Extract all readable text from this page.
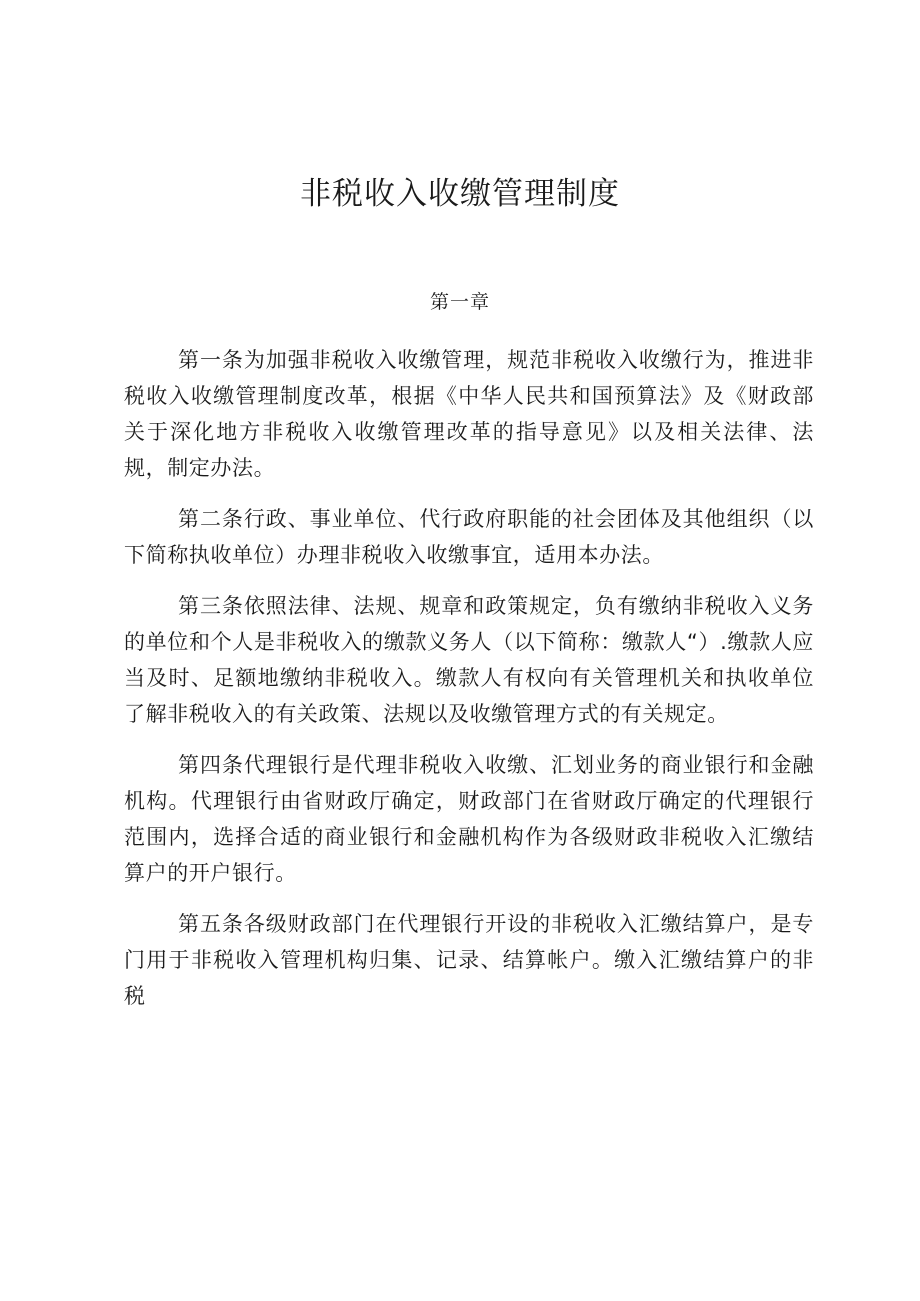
非税收入收缴管理制度
第一章

第一条为加强非税收入收缴管理，规范非税收入收缴行为，推进非税收入收缴管理制度改革，根据《中华人民共和国预算法》及《财政部关于深化地方非税收入收缴管理改革的指导意见》以及相关法律、法规，制定办法。

第二条行政、事业单位、代行政府职能的社会团体及其他组织（以下简称执收单位）办理非税收入收缴事宜，适用本办法。

第三条依照法律、法规、规章和政策规定，负有缴纳非税收入义务的单位和个人是非税收入的缴款义务人（以下简称：缴款人“）.缴款人应当及时、足额地缴纳非税收入。缴款人有权向有关管理机关和执收单位了解非税收入的有关政策、法规以及收缴管理方式的有关规定。

第四条代理银行是代理非税收入收缴、汇划业务的商业银行和金融机构。代理银行由省财政厅确定，财政部门在省财政厅确定的代理银行范围内，选择合适的商业银行和金融机构作为各级财政非税收入汇缴结算户的开户银行。

第五条各级财政部门在代理银行开设的非税收入汇缴结算户，是专门用于非税收入管理机构归集、记录、结算帐户。缴入汇缴结算户的非税
